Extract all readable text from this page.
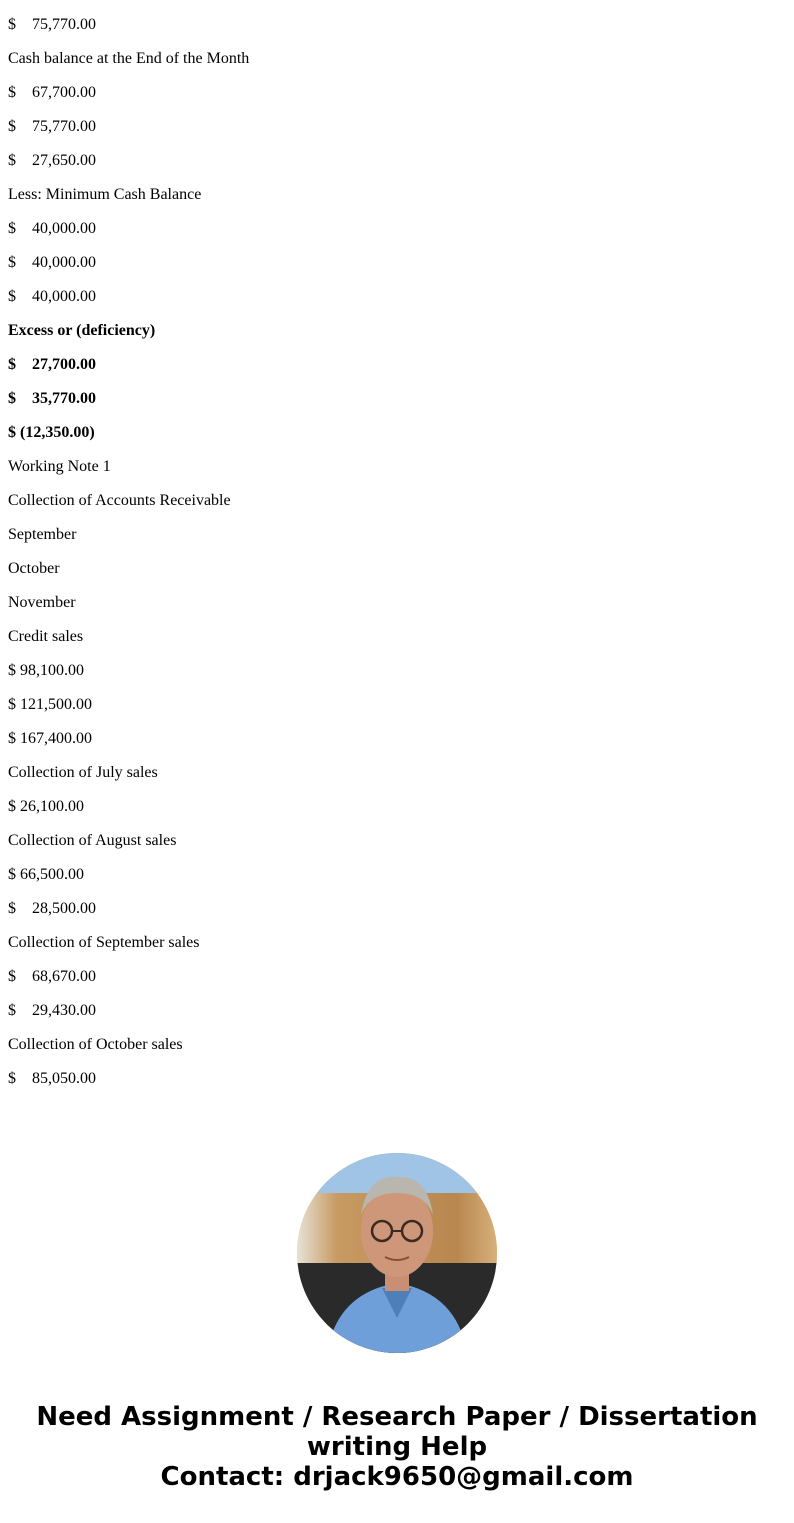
$    75,770.00
Cash balance at the End of the Month
$    67,700.00
$    75,770.00
$    27,650.00
Less: Minimum Cash Balance
$    40,000.00
$    40,000.00
$    40,000.00
Excess or (deficiency)
$    27,700.00
$    35,770.00
$ (12,350.00)
Working Note 1
Collection of Accounts Receivable
September
October
November
Credit sales
$ 98,100.00
$ 121,500.00
$ 167,400.00
Collection of July sales
$ 26,100.00
Collection of August sales
$ 66,500.00
$    28,500.00
Collection of September sales
$    68,670.00
$    29,430.00
Collection of October sales
$    85,050.00
Need Assignment / Research Paper / Dissertation
writing Help
Contact: drjack9650@gmail.com
